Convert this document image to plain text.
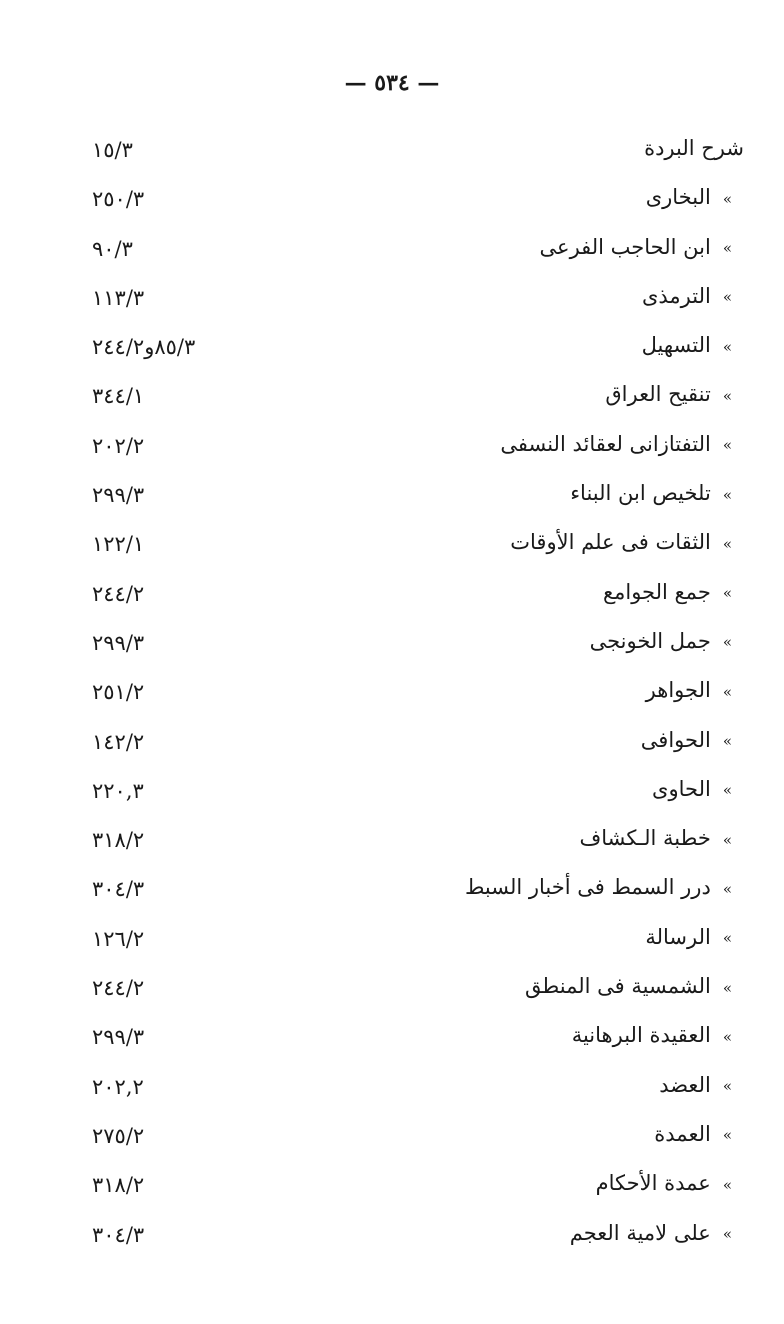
— ٥٣٤ —
شرح البردة
١٥/٣
»البخارى
٢٥٠/٣
»ابن الحاجب الفرعى
٩٠/٣
»الترمذى
١١٣/٣
»التسهيل
٨٥/٣و٢٤٤/٢
»تنقيح العراق
٣٤٤/١
»التفتازانى لعقائد النسفى
٢٠٢/٢
»تلخيص ابن البناء
٢٩٩/٣
»الثقات فى علم الأوقات
١٢٢/١
»جمع الجوامع
٢٤٤/٢
»جمل الخونجى
٢٩٩/٣
»الجواهر
٢٥١/٢
»الحوافى
١٤٢/٢
»الحاوى
٢٢٠,٣
»خطبة الـكشاف
٣١٨/٢
»درر السمط فى أخبار السبط
٣٠٤/٣
»الرسالة
١٢٦/٢
»الشمسية فى المنطق
٢٤٤/٢
»العقيدة البرهانية
٢٩٩/٣
»العضد
٢٠٢,٢
»العمدة
٢٧٥/٢
»عمدة الأحكام
٣١٨/٢
»على لامية العجم
٣٠٤/٣
